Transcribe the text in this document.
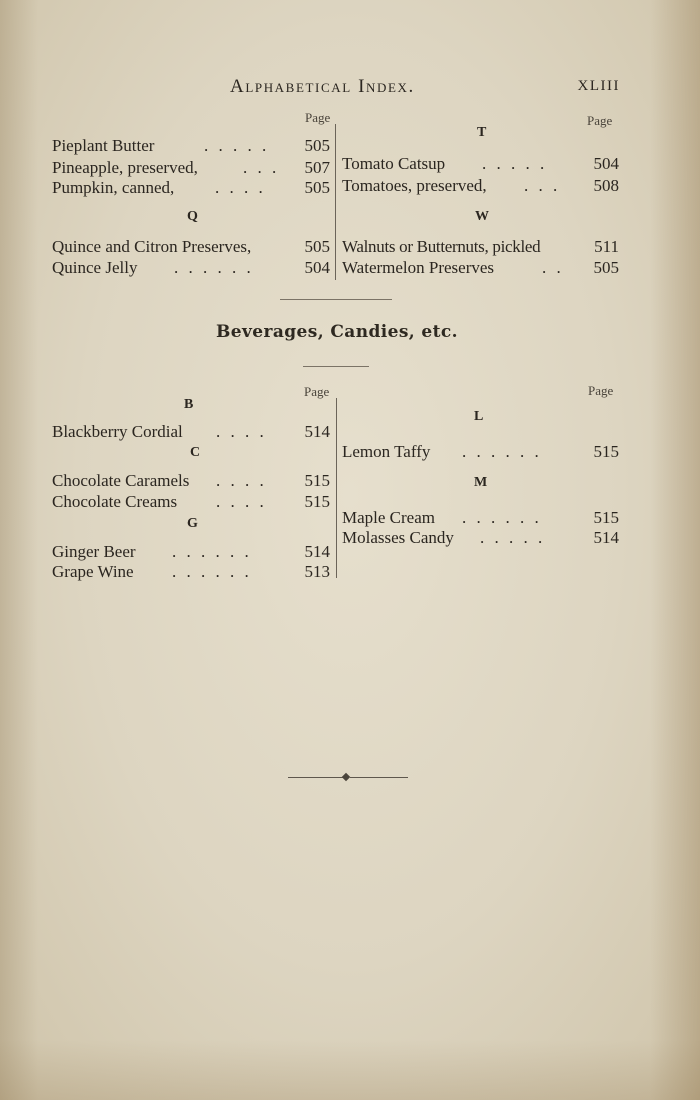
Alphabetical Index.	XLIII
Page	Page
Pieplant Butter	. . . . . 505
Pineapple, preserved,	. . . 507
Pumpkin, canned, . . . . 505
Q
Quince and Citron Preserves,	505
Quince Jelly . . . . . .	504
T
Tomato Catsup . . . . .	504
Tomatoes, preserved, . . . 508
W
Walnuts or Butternuts, pickled	511
Watermelon Preserves	. . 505
Beverages, Candies, etc.
Page	Page
B
Blackberry Cordial . . . . 514
C
Chocolate Caramels . . . . 515
Chocolate Creams . . . . 515
G
Ginger Beer . . . . . .	514
Grape Wine . . . . . .	513
L
Lemon Taffy . . . . . .	515
M
Maple Cream . . . . . .	515
Molasses Candy . . . . .	514
